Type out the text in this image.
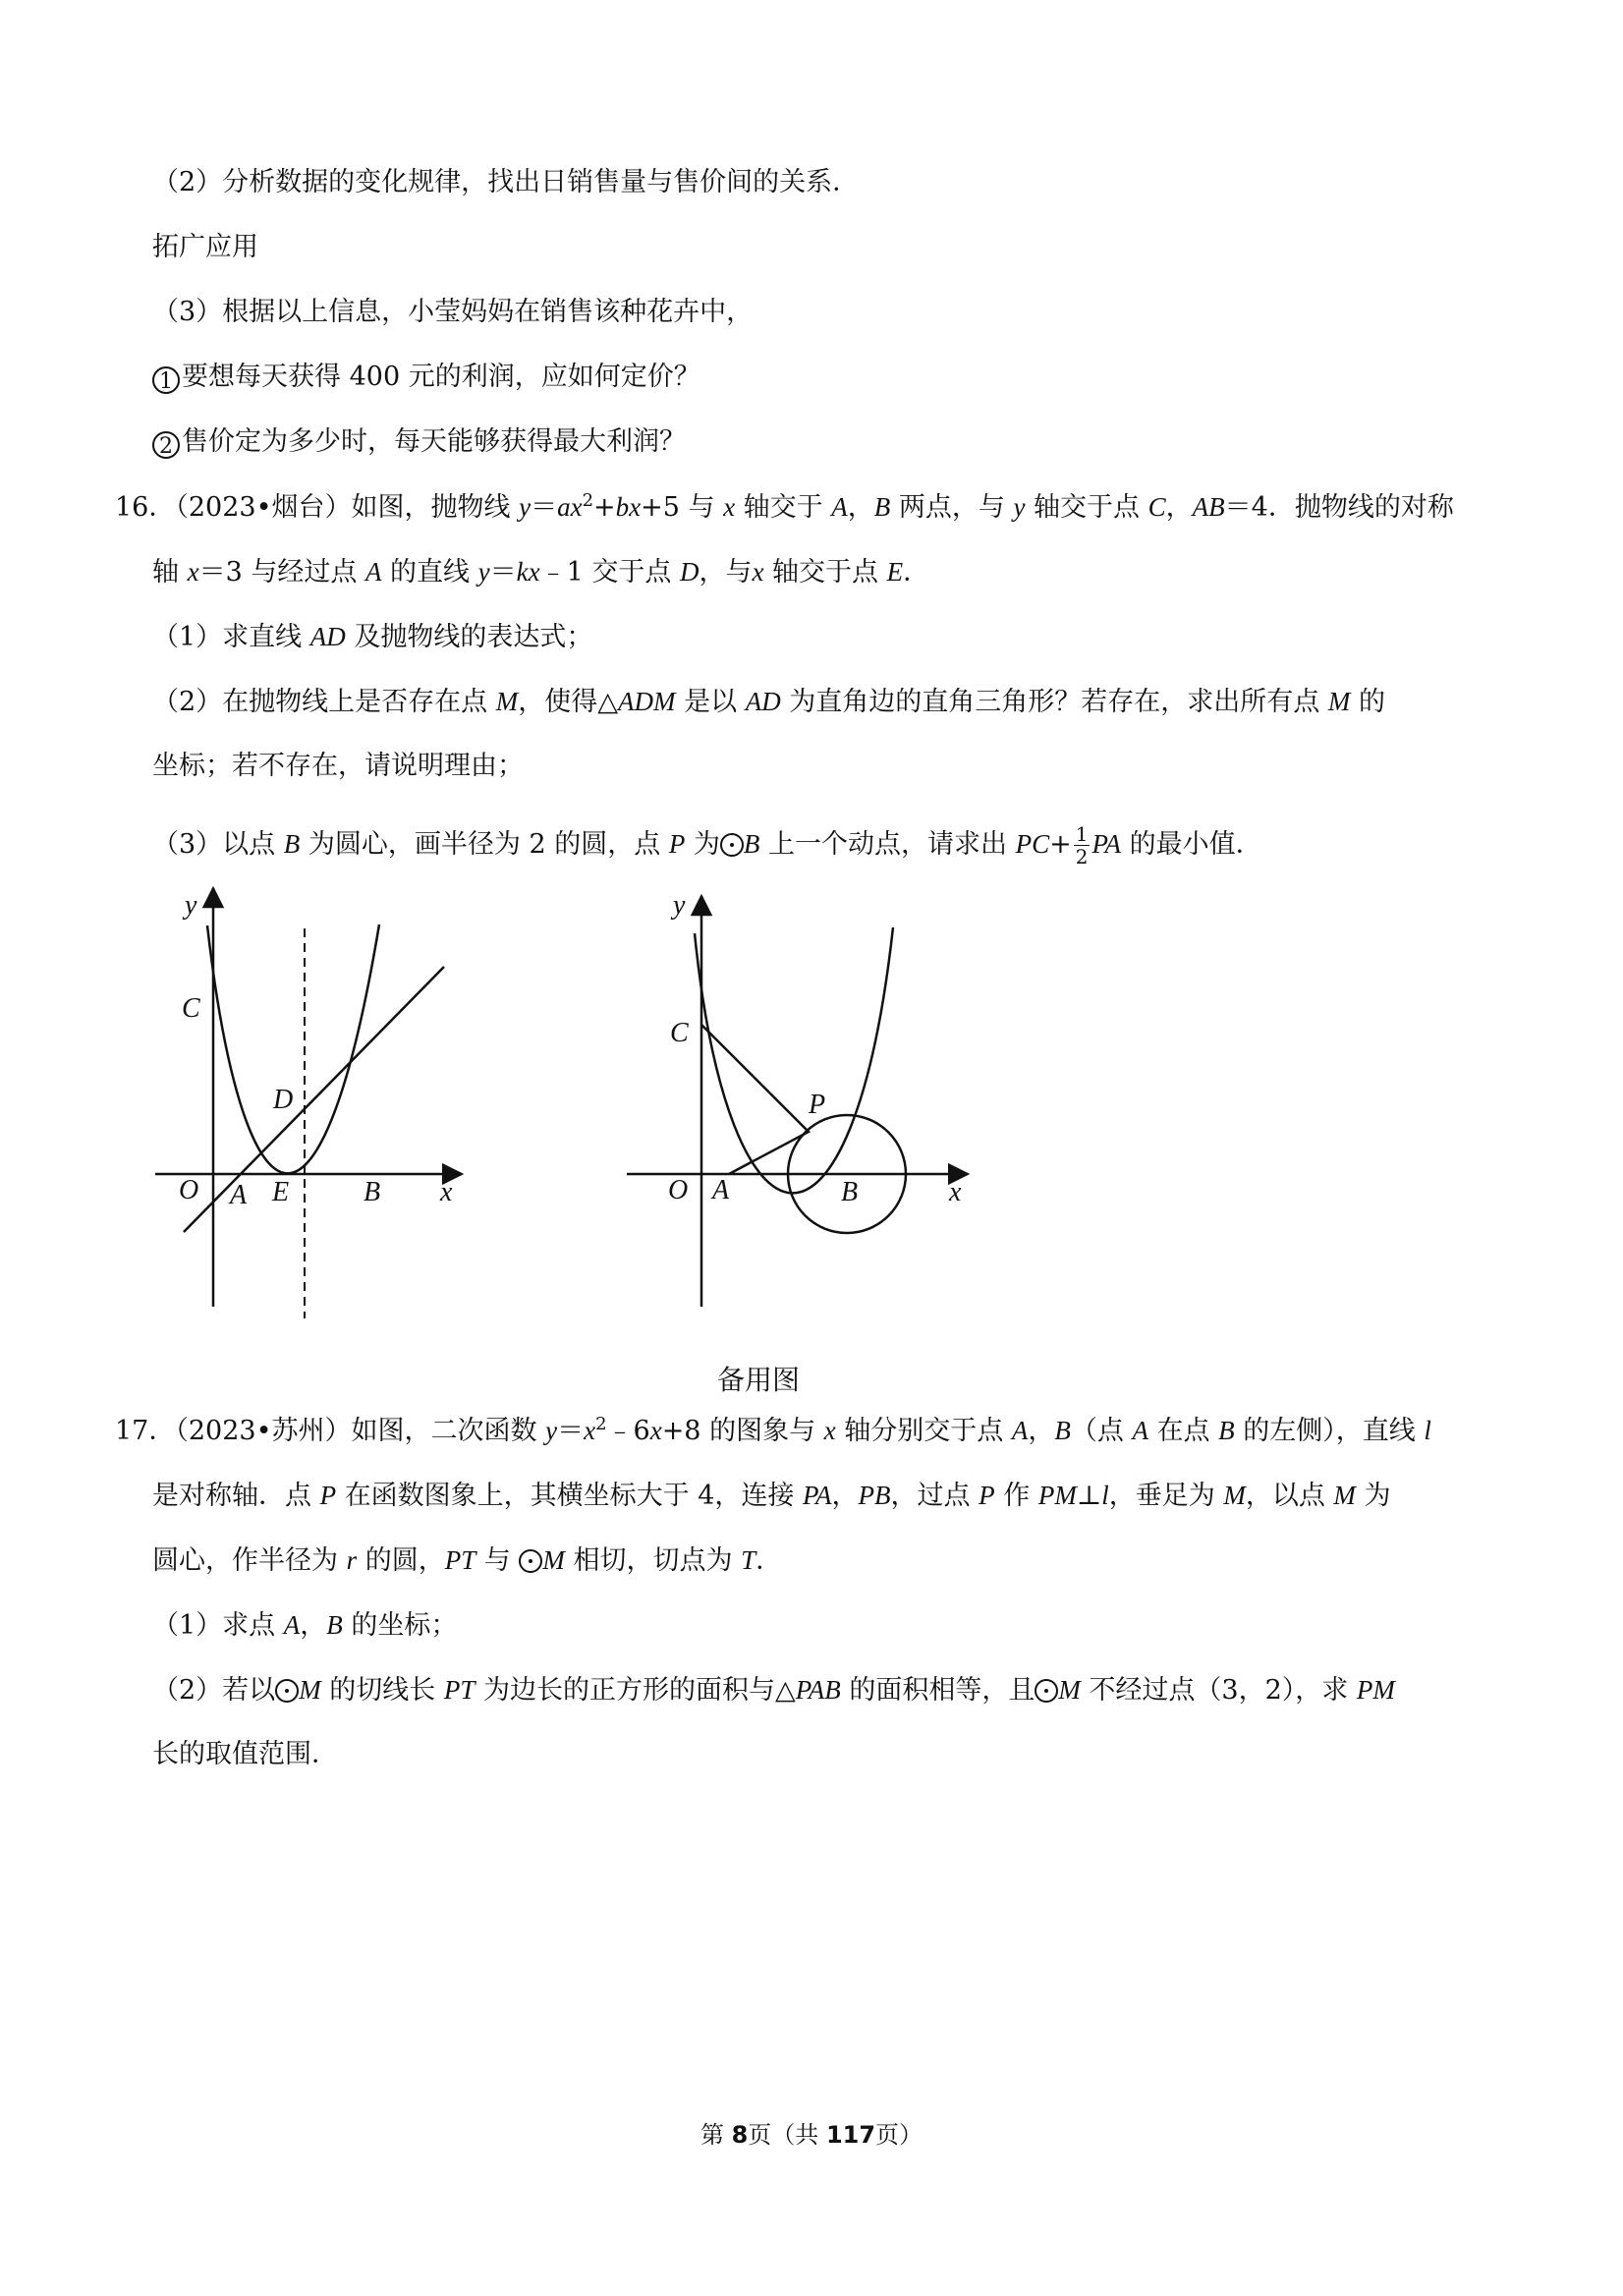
（2）分析数据的变化规律，找出日销售量与售价间的关系．
拓广应用
（3）根据以上信息，小莹妈妈在销售该种花卉中，
1 要想每天获得 400 元的利润，应如何定价？
2 售价定为多少时，每天能够获得最大利润？
16．（2023•烟台）如图，抛物线 $y=ax^2+bx+5$ 与 x 轴交于 A，B 两点，与 y 轴交于点 C，AB＝4．抛物线的对称
轴 x＝3 与经过点 A 的直线 y＝kx﹣1 交于点 D，与x 轴交于点 E．
（1）求直线 AD 及抛物线的表达式；
（2）在抛物线上是否存在点 M，使得△ADM 是以 AD 为直角边的直角三角形？若存在，求出所有点 M 的
坐标；若不存在，请说明理由；
（3）以点 B 为圆心，画半径为 2 的圆，点 P 为 B 上一个动点，请求出 $PC+ \frac{1}{2}$ PA 的最小值．
y
x
O A	B
C
D
E
y
x
O A	B
C
P
备用图
17．（2023•苏州）如图，二次函数 $y=x^2﹣6x+8$ 的图象与 x 轴分别交于点 A，B（点 A 在点 B 的左侧），直线 l
是对称轴．点 P 在函数图象上，其横坐标大于 4，连接 PA，PB，过点 P 作 PM⊥l，垂足为 M，以点 M 为
圆心，作半径为 r 的圆，PT 与 M 相切，切点为 T．
（1）求点 A，B 的坐标；
（2）若以 M 的切线长 PT 为边长的正方形的面积与△PAB 的面积相等，且 M 不经过点（3，2），求 PM
长的取值范围．
第 8页（共 117页）
